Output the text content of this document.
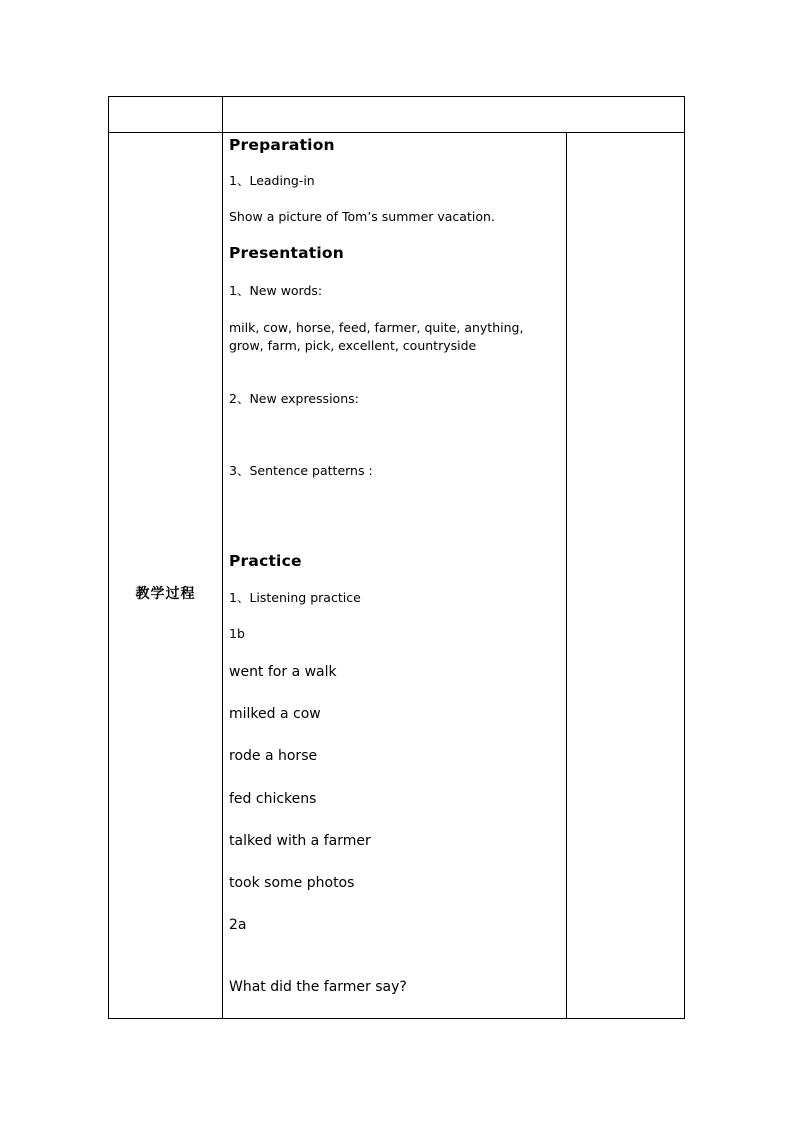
教学过程
Preparation
1、Leading-in
Show a picture of Tom’s summer vacation.
Presentation
1、New words:
milk, cow, horse, feed, farmer, quite, anything,
grow, farm, pick, excellent, countryside
2、New expressions:
3、Sentence patterns :
Practice
1、Listening practice
1b
went for a walk
milked a cow
rode a horse
fed chickens
talked with a farmer
took some photos
2a
What did the farmer say?
